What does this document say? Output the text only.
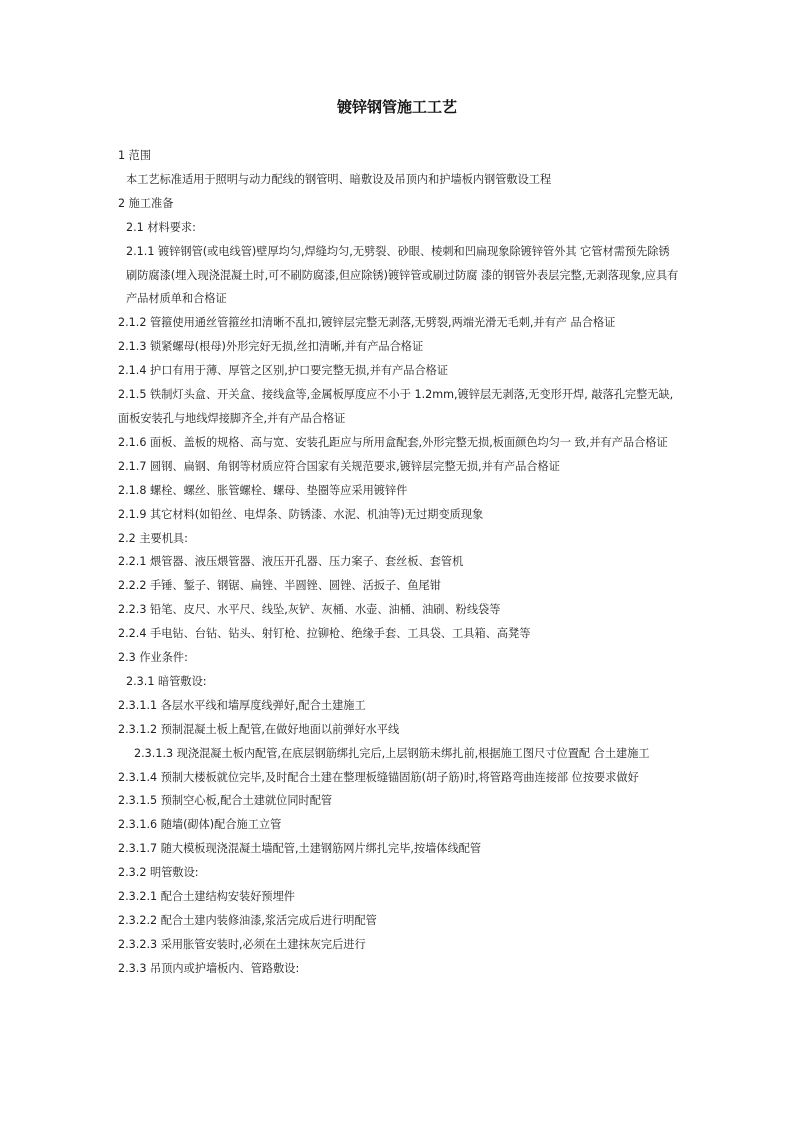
镀锌钢管施工工艺

1 范围

本工艺标准适用于照明与动力配线的钢管明、暗敷设及吊顶内和护墙板内钢管敷设工程

2 施工准备

2.1 材料要求:

2.1.1 镀锌钢管(或电线管)壁厚均匀,焊缝均匀,无劈裂、砂眼、棱刺和凹扁现象除镀锌管外其 它管材需预先除锈刷防腐漆(埋入现浇混凝土时,可不刷防腐漆,但应除锈)镀锌管或刷过防腐 漆的钢管外表层完整,无剥落现象,应具有产品材质单和合格证

2.1.2 管箍使用通丝管箍丝扣清晰不乱扣,镀锌层完整无剥落,无劈裂,两端光滑无毛刺,并有产 品合格证

2.1.3 锁紧螺母(根母)外形完好无损,丝扣清晰,并有产品合格证

2.1.4 护口有用于薄、厚管之区别,护口要完整无损,并有产品合格证

2.1.5 铁制灯头盒、开关盒、接线盒等,金属板厚度应不小于 1.2mm,镀锌层无剥落,无变形开焊, 敲落孔完整无缺,面板安装孔与地线焊接脚齐全,并有产品合格证

2.1.6 面板、盖板的规格、高与宽、安装孔距应与所用盒配套,外形完整无损,板面颜色均匀一 致,并有产品合格证

2.1.7 圆钢、扁钢、角钢等材质应符合国家有关规范要求,镀锌层完整无损,并有产品合格证

2.1.8 螺栓、螺丝、胀管螺栓、螺母、垫圈等应采用镀锌件

2.1.9 其它材料(如铅丝、电焊条、防锈漆、水泥、机油等)无过期变质现象

2.2 主要机具:

2.2.1 煨管器、液压煨管器、液压开孔器、压力案子、套丝板、套管机

2.2.2 手锤、錾子、钢锯、扁锉、半圆锉、圆锉、活扳子、鱼尾钳

2.2.3 铅笔、皮尺、水平尺、线坠,灰铲、灰桶、水壶、油桶、油刷、粉线袋等

2.2.4 手电钻、台钻、钻头、射钉枪、拉铆枪、绝缘手套、工具袋、工具箱、高凳等

2.3 作业条件:

2.3.1 暗管敷设:

2.3.1.1 各层水平线和墙厚度线弹好,配合土建施工

2.3.1.2 预制混凝土板上配管,在做好地面以前弹好水平线

2.3.1.3 现浇混凝土板内配管,在底层钢筋绑扎完后,上层钢筋未绑扎前,根据施工图尺寸位置配 合土建施工

2.3.1.4 预制大楼板就位完毕,及时配合土建在整理板缝锚固筋(胡子筋)时,将管路弯曲连接部 位按要求做好

2.3.1.5 预制空心板,配合土建就位同时配管

2.3.1.6 随墙(砌体)配合施工立管

2.3.1.7 随大模板现浇混凝土墙配管,土建钢筋网片绑扎完毕,按墙体线配管

2.3.2 明管敷设:

2.3.2.1 配合土建结构安装好预埋件

2.3.2.2 配合土建内装修油漆,浆活完成后进行明配管

2.3.2.3 采用胀管安装时,必须在土建抹灰完后进行

2.3.3 吊顶内或护墙板内、管路敷设:
